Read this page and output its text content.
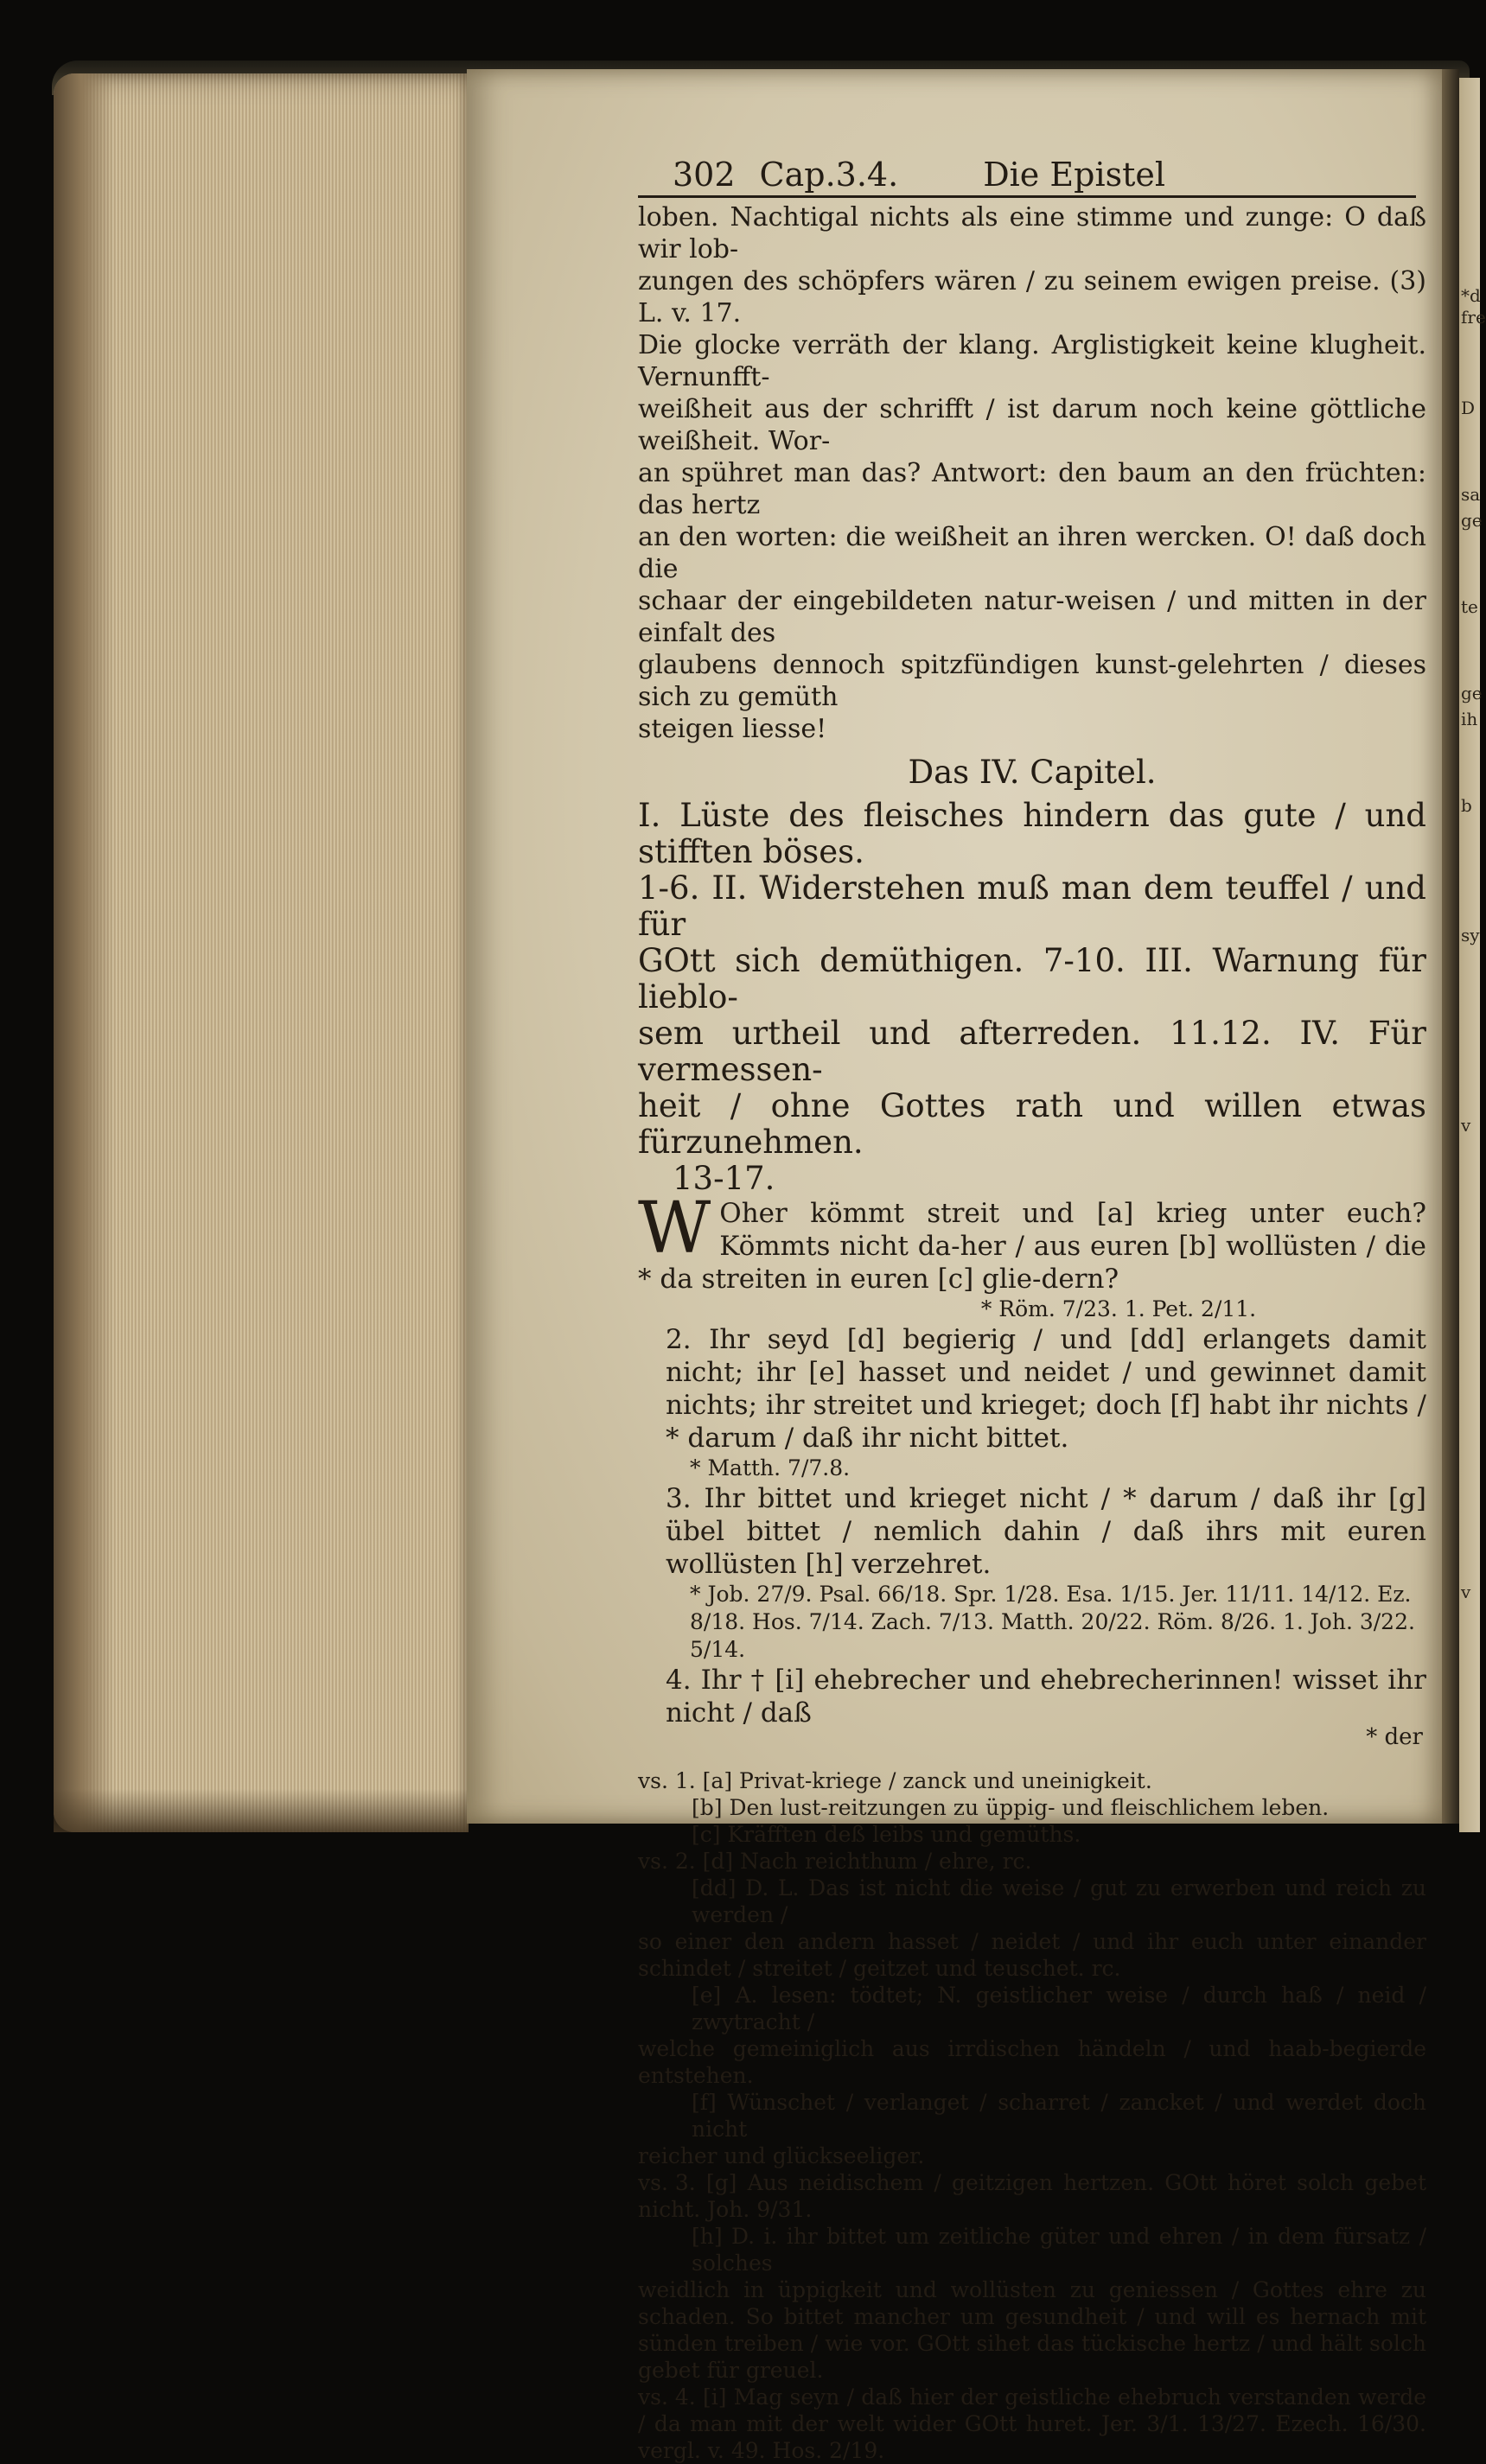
*d
fre
D
sa
ge
te
ge
ih
b
sy
v
v
302 Cap.3.4.	Die Epistel
loben. Nachtigal nichts als eine stimme und zunge: O daß wir lob-
zungen des schöpfers wären / zu seinem ewigen preise. (3) L. v. 17.
Die glocke verräth der klang. Arglistigkeit keine klugheit. Vernunfft-
weißheit aus der schrifft / ist darum noch keine göttliche weißheit. Wor-
an spühret man das? Antwort: den baum an den früchten: das hertz
an den worten: die weißheit an ihren wercken. O! daß doch die
schaar der eingebildeten natur-weisen / und mitten in der einfalt des
glaubens dennoch spitzfündigen kunst-gelehrten / dieses sich zu gemüth
steigen liesse!
Das IV. Capitel.
I. Lüste des fleisches hindern das gute / und stifften böses.
1-6. II. Widerstehen muß man dem teuffel / und für
GOtt sich demüthigen. 7-10. III. Warnung für lieblo-
sem urtheil und afterreden. 11.12. IV. Für vermessen-
heit / ohne Gottes rath und willen etwas fürzunehmen.
13-17.
W Oher kömmt streit und [a] krieg unter euch? Kömmts nicht da-her / aus euren [b] wollüsten / die * da streiten in euren [c] glie-dern?
* Röm. 7/23. 1. Pet. 2/11.
2. Ihr seyd [d] begierig / und [dd] erlangets damit nicht; ihr [e] hasset und neidet / und gewinnet damit nichts; ihr streitet und krieget; doch [f] habt ihr nichts / * darum / daß ihr nicht bittet.
* Matth. 7/7.8.
3. Ihr bittet und krieget nicht / * darum / daß ihr [g] übel bittet / nemlich dahin / daß ihrs mit euren wollüsten [h] verzehret.
* Job. 27/9. Psal. 66/18. Spr. 1/28. Esa. 1/15. Jer. 11/11. 14/12. Ez. 8/18. Hos. 7/14. Zach. 7/13. Matth. 20/22. Röm. 8/26. 1. Joh. 3/22. 5/14.
4. Ihr † [i] ehebrecher und ehebrecherinnen! wisset ihr nicht / daß
* der
vs. 1. [a] Privat-kriege / zanck und uneinigkeit.
[b] Den lust-reitzungen zu üppig- und fleischlichem leben.
[c] Kräfften deß leibs und gemüths.
vs. 2. [d] Nach reichthum / ehre, rc.
[dd] D. L. Das ist nicht die weise / gut zu erwerben und reich zu werden /
so einer den andern hasset / neidet / und ihr euch unter einander schindet / streitet / geitzet und teuschet. rc.
[e] A. lesen: tödtet; N. geistlicher weise / durch haß / neid / zwytracht /
welche gemeiniglich aus irrdischen händeln / und haab-begierde entstehen.
[f] Wünschet / verlanget / scharret / zancket / und werdet doch nicht
reicher und glückseeliger.
vs. 3. [g] Aus neidischem / geitzigen hertzen. GOtt höret solch gebet nicht. Joh. 9/31.
[h] D. i. ihr bittet um zeitliche güter und ehren / in dem fürsatz / solches
weidlich in üppigkeit und wollüsten zu geniessen / Gottes ehre zu schaden. So bittet mancher um gesundheit / und will es hernach mit sünden treiben / wie vor. GOtt sihet das tückische hertz / und hält solch gebet für greuel.
vs. 4. [i] Mag seyn / daß hier der geistliche ehebruch verstanden werde / da man mit der welt wider GOtt huret. Jer. 3/1. 13/27. Ezech. 16/30. vergl. v. 49. Hos. 2/19.
